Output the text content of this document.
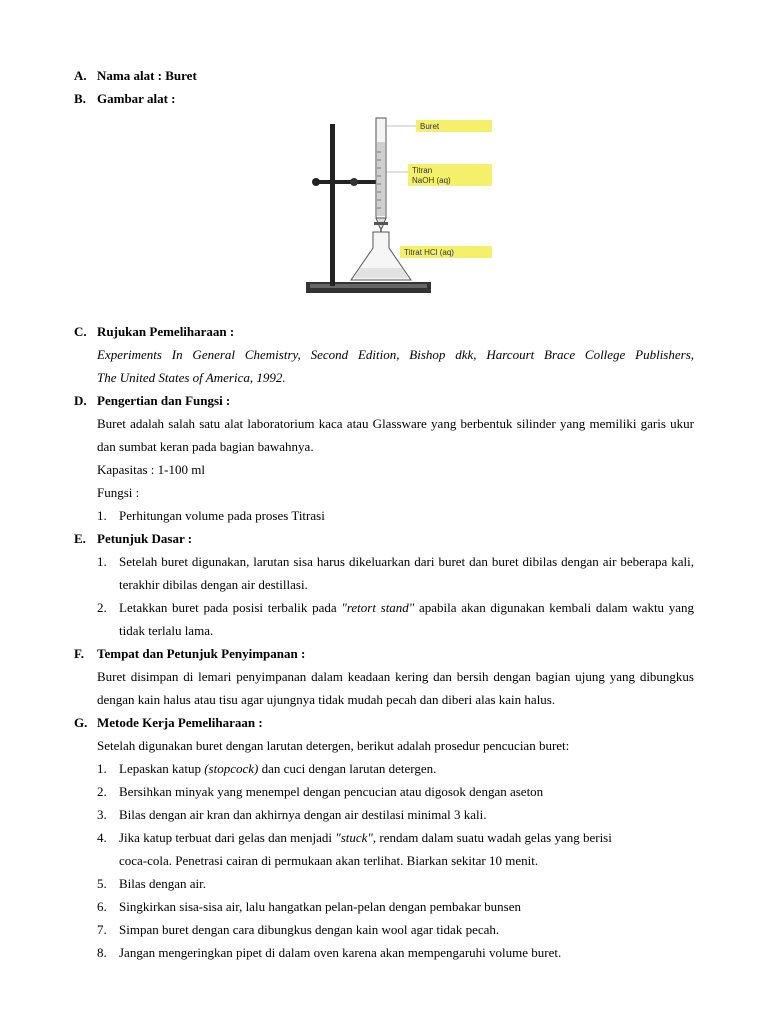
A. Nama alat : Buret
B. Gambar alat :
Buret
Titran
NaOH (aq)
Titrat HCl (aq)
C. Rujukan Pemeliharaan :
Experiments In General Chemistry, Second Edition, Bishop dkk, Harcourt Brace College Publishers,
The United States of America, 1992.
D. Pengertian dan Fungsi :
Buret adalah salah satu alat laboratorium kaca atau Glassware yang berbentuk silinder yang memiliki garis ukur dan sumbat keran pada bagian bawahnya.
Kapasitas : 1-100 ml
Fungsi :
1. Perhitungan volume pada proses Titrasi
E. Petunjuk Dasar :
1. Setelah buret digunakan, larutan sisa harus dikeluarkan dari buret dan buret dibilas dengan air beberapa kali, terakhir dibilas dengan air destillasi.
2. Letakkan buret pada posisi terbalik pada "retort stand" apabila akan digunakan kembali dalam waktu yang tidak terlalu lama.
F.	Tempat dan Petunjuk Penyimpanan :
Buret disimpan di lemari penyimpanan dalam keadaan kering dan bersih dengan bagian ujung yang dibungkus dengan kain halus atau tisu agar ujungnya tidak mudah pecah dan diberi alas kain halus.
G. Metode Kerja Pemeliharaan :
Setelah digunakan buret dengan larutan detergen, berikut adalah prosedur pencucian buret:
1. Lepaskan katup (stopcock) dan cuci dengan larutan detergen.
2. Bersihkan minyak yang menempel dengan pencucian atau digosok dengan aseton
3. Bilas dengan air kran dan akhirnya dengan air destilasi minimal 3 kali.
4. Jika katup terbuat dari gelas dan menjadi "stuck", rendam dalam suatu wadah gelas yang berisi coca-cola. Penetrasi cairan di permukaan akan terlihat. Biarkan sekitar 10 menit.
5. Bilas dengan air.
6. Singkirkan sisa-sisa air, lalu hangatkan pelan-pelan dengan pembakar bunsen
7. Simpan buret dengan cara dibungkus dengan kain wool agar tidak pecah.
8. Jangan mengeringkan pipet di dalam oven karena akan mempengaruhi volume buret.
